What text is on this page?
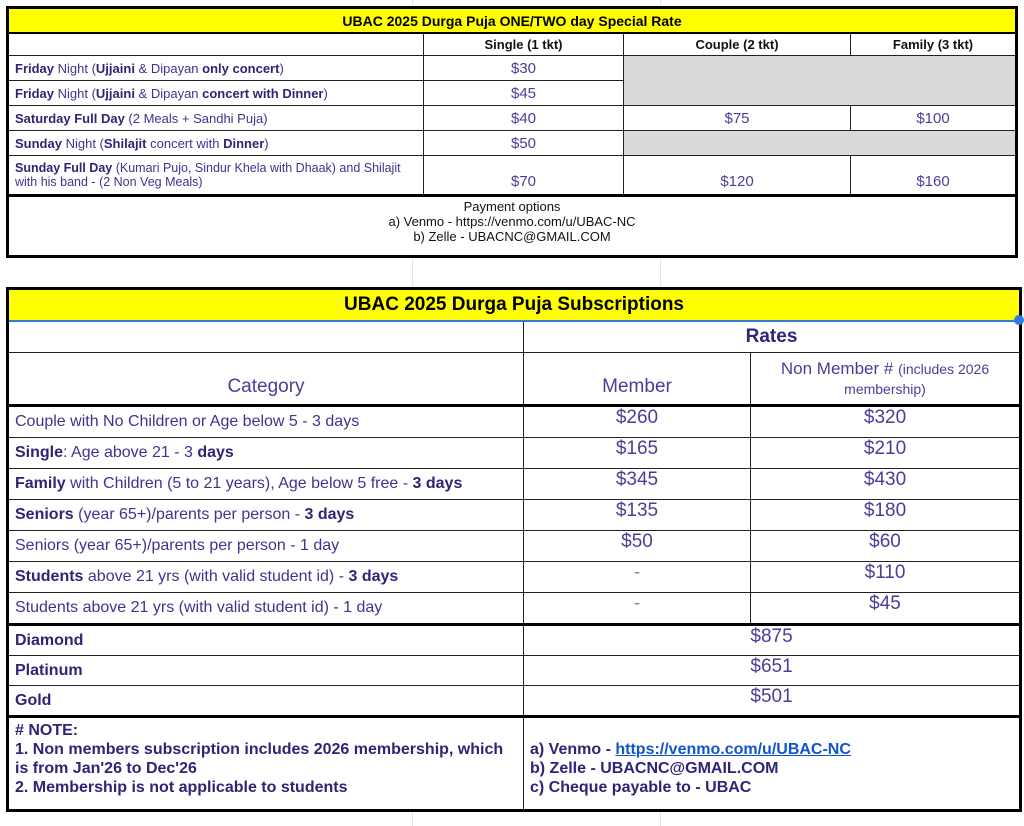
UBAC 2025 Durga Puja ONE/TWO day Special Rate			
	Single (1 tkt)	Couple (2 tkt)	Family (3 tkt)
Friday Night (Ujjaini & Dipayan only concert)	$30		
Friday Night (Ujjaini & Dipayan concert with Dinner)	$45		
Saturday Full Day (2 Meals + Sandhi Puja)	$40	$75	$100
Sunday Night (Shilajit concert with Dinner)	$50		
Sunday Full Day (Kumari Pujo, Sindur Khela with Dhaak) and Shilajit with his band - (2 Non Veg Meals)	$70	$120	$160

Payment options
a) Venmo - https://venmo.com/u/UBAC-NC
b) Zelle - UBACNC@GMAIL.COM			
UBAC 2025 Durga Puja Subscriptions		
	Rates	
Category	Member	Non Member # (includes 2026 membership)
Couple with No Children or Age below 5 - 3 days	$260	$320
Single: Age above 21 - 3 days	$165	$210
Family with Children (5 to 21 years), Age below 5 free - 3 days	$345	$430
Seniors (year 65+)/parents per person - 3 days	$135	$180
Seniors (year 65+)/parents per person - 1 day	$50	$60
Students above 21 yrs (with valid student id) - 3 days	-	$110
Students above 21 yrs (with valid student id) - 1 day	-	$45
Diamond	$875	
Platinum	$651	
Gold	$501	

# NOTE:
1. Non members subscription includes 2026 membership, which is from Jan'26 to Dec'26
2. Membership is not applicable to students

a) Venmo - https://venmo.com/u/UBAC-NC
b) Zelle - UBACNC@GMAIL.COM
c) Cheque payable to - UBAC
